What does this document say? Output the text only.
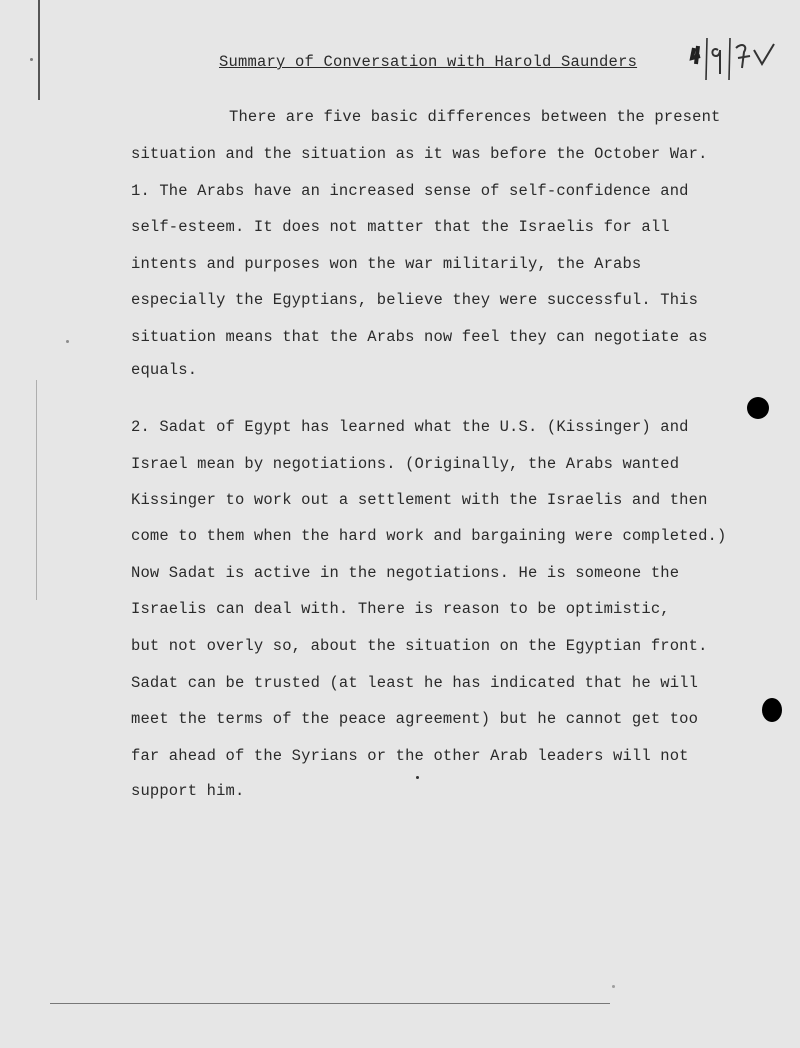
Summary of Conversation with Harold Saunders
There are five basic differences between the present
situation and the situation as it was before the October War.
1. The Arabs have an increased sense of self-confidence and
self-esteem. It does not matter that the Israelis for all
intents and purposes won the war militarily, the Arabs
especially the Egyptians, believe they were successful. This
situation means that the Arabs now feel they can negotiate as
equals.
2. Sadat of Egypt has learned what the U.S. (Kissinger) and
Israel mean by negotiations. (Originally, the Arabs wanted
Kissinger to work out a settlement with the Israelis and then
come to them when the hard work and bargaining were completed.)
Now Sadat is active in the negotiations. He is someone the
Israelis can deal with. There is reason to be optimistic,
but not overly so, about the situation on the Egyptian front.
Sadat can be trusted (at least he has indicated that he will
meet the terms of the peace agreement) but he cannot get too
far ahead of the Syrians or the other Arab leaders will not
support him.
